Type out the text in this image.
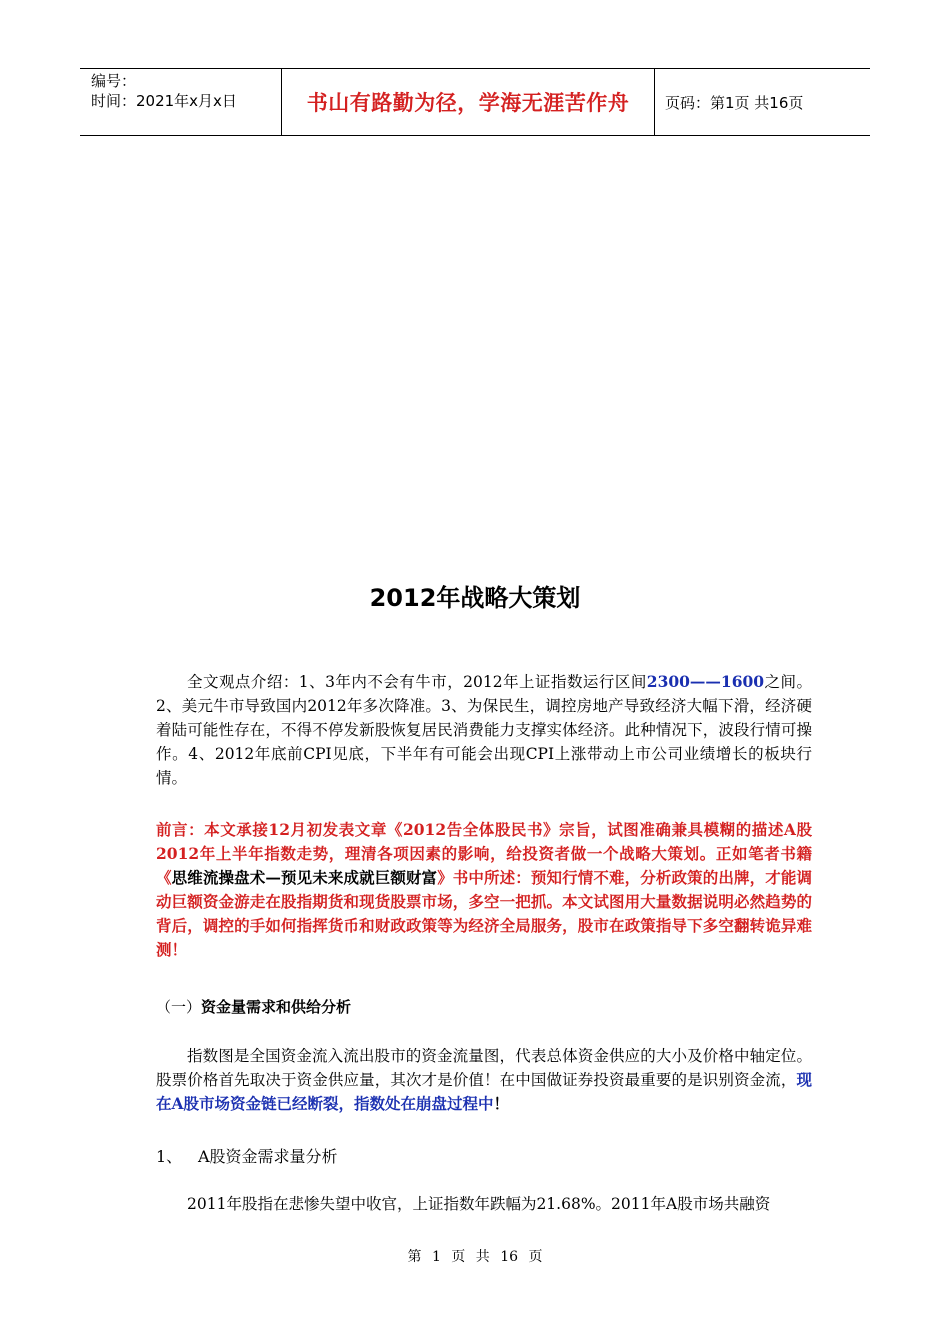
编号：
时间：2021年x月x日	书山有路勤为径，学海无涯苦作舟	页码：第1页 共16页
2012年战略大策划

全文观点介绍：1、3年内不会有牛市，2012年上证指数运行区间2300——1600之间。2、美元牛市导致国内2012年多次降准。3、为保民生，调控房地产导致经济大幅下滑，经济硬着陆可能性存在，不得不停发新股恢复居民消费能力支撑实体经济。此种情况下，波段行情可操作。4、2012年底前CPI见底，下半年有可能会出现CPI上涨带动上市公司业绩增长的板块行情。

前言：本文承接12月初发表文章《2012告全体股民书》宗旨，试图准确兼具模糊的描述A股2012年上半年指数走势，理清各项因素的影响，给投资者做一个战略大策划。正如笔者书籍《思维流操盘术—预见未来成就巨额财富》书中所述：预知行情不难，分析政策的出牌，才能调动巨额资金游走在股指期货和现货股票市场，多空一把抓。本文试图用大量数据说明必然趋势的背后，调控的手如何指挥货币和财政政策等为经济全局服务，股市在政策指导下多空翻转诡异难测！

（一）资金量需求和供给分析

指数图是全国资金流入流出股市的资金流量图，代表总体资金供应的大小及价格中轴定位。股票价格首先取决于资金供应量，其次才是价值！在中国做证券投资最重要的是识别资金流，现在A股市场资金链已经断裂，指数处在崩盘过程中！

1、 A股资金需求量分析

2011年股指在悲惨失望中收官，上证指数年跌幅为21.68%。2011年A股市场共融资

第 1 页 共 16 页
